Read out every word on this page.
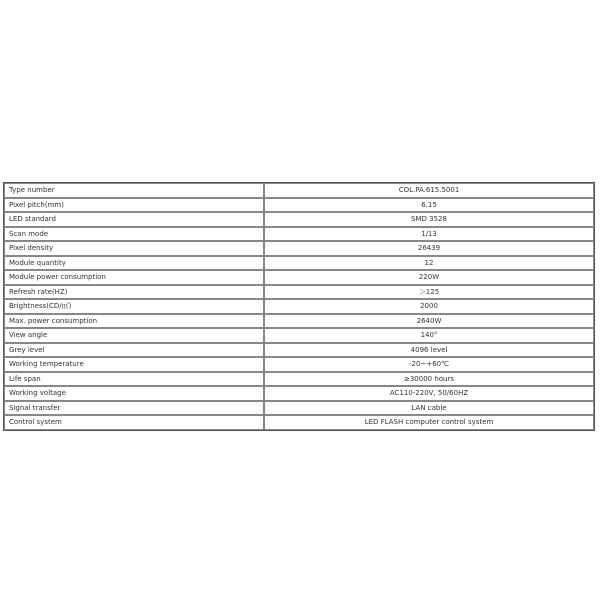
Type number	COL.PA.615.5001
Pixel pitch(mm)	6.15
LED standard	SMD 3528
Scan mode	1/13
Pixel density	26439
Module quantity	12
Module power consumption	220W
Refresh rate(HZ)	＞125
Brightness(CD/㎡)	2000
Max. power consumption	2640W
View angle	140°
Grey level	4096 level
Working temperature	-20~+60℃
Life span	≥30000 hours
Working voltage	AC110-220V, 50/60HZ
Signal transfer	LAN cable
Control system	LED FLASH computer control system
